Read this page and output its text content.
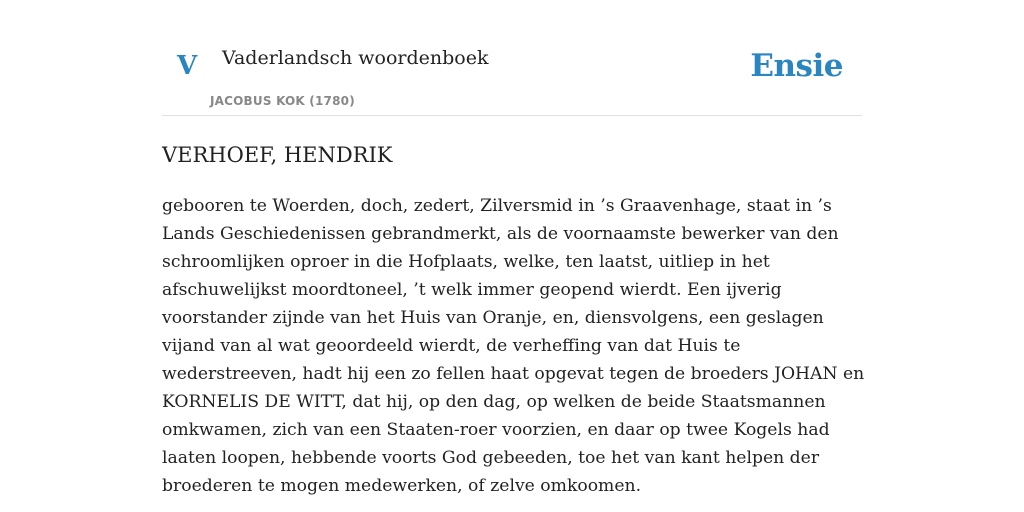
V Vaderlandsch woordenboek
JACOBUS KOK (1780)
Ensie
VERHOEF, HENDRIK

gebooren te Woerden, doch, zedert, Zilversmid in ’s Graavenhage, staat in ’s Lands Geschiedenissen gebrandmerkt, als de voornaamste bewerker van den schroomlijken oproer in die Hofplaats, welke, ten laatst, uitliep in het afschuwelijkst moordtoneel, ’t welk immer geopend wierdt. Een ijverig voorstander zijnde van het Huis van Oranje, en, diensvolgens, een geslagen vijand van al wat geoordeeld wierdt, de verheffing van dat Huis te wederstreeven, hadt hij een zo fellen haat opgevat tegen de broeders JOHAN en KORNELIS DE WITT, dat hij, op den dag, op welken de beide Staatsmannen omkwamen, zich van een Staaten-roer voorzien, en daar op twee Kogels had laaten loopen, hebbende voorts God gebeeden, toe het van kant helpen der broederen te mogen medewerken, of zelve omkoomen.
